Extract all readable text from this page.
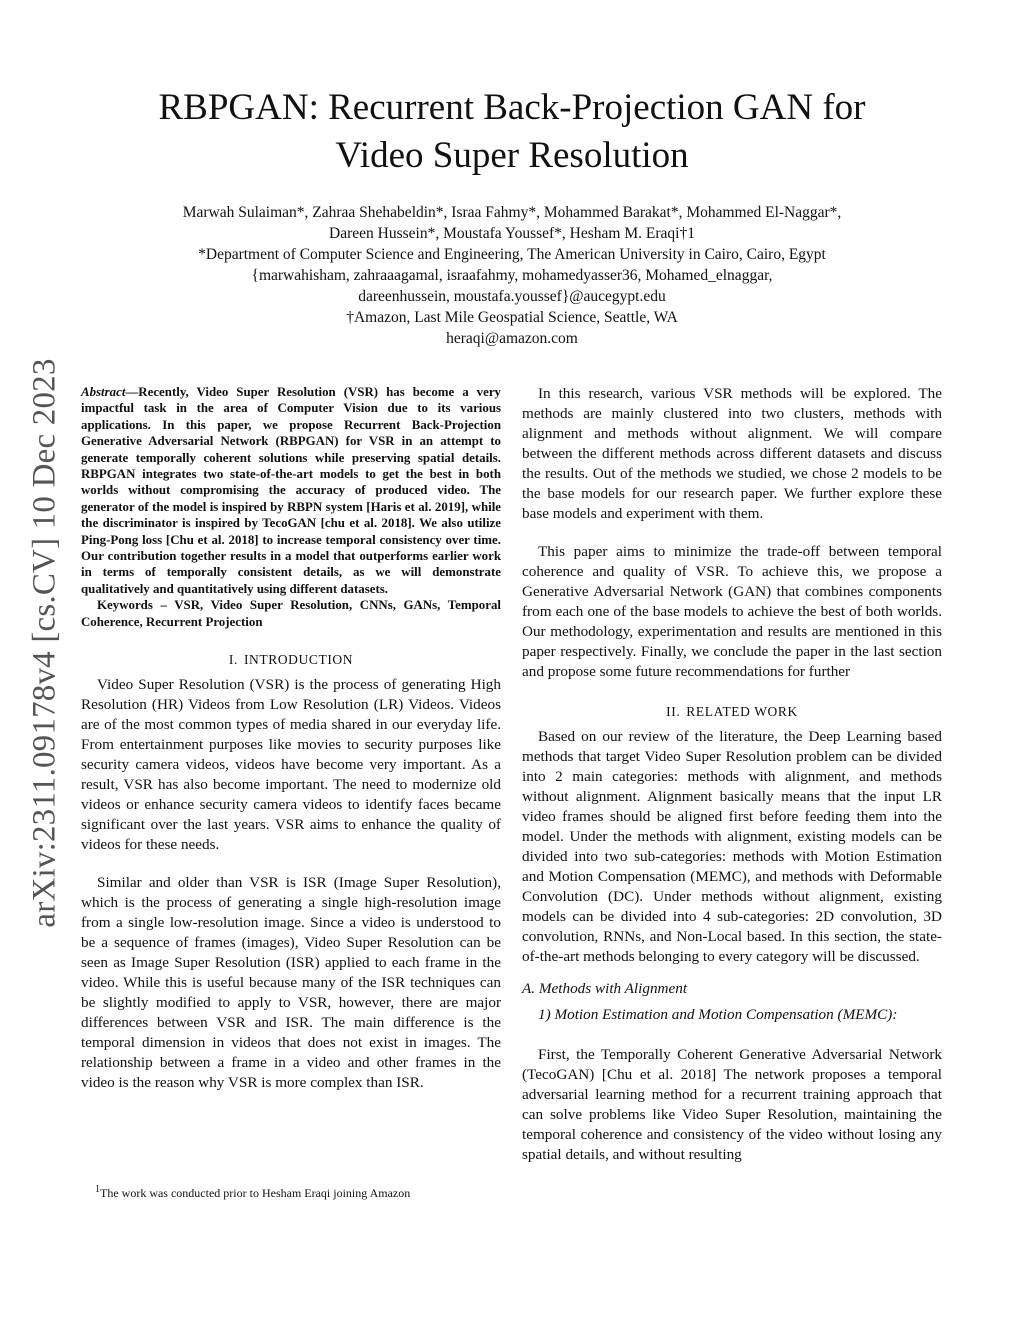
arXiv:2311.09178v4 [cs.CV] 10 Dec 2023
RBPGAN: Recurrent Back-Projection GAN for
Video Super Resolution
Marwah Sulaiman*, Zahraa Shehabeldin*, Israa Fahmy*, Mohammed Barakat*, Mohammed El-Naggar*,
Dareen Hussein*, Moustafa Youssef*, Hesham M. Eraqi†1
*Department of Computer Science and Engineering, The American University in Cairo, Cairo, Egypt
{marwahisham, zahraaagamal, israafahmy, mohamedyasser36, Mohamed_elnaggar,
dareenhussein, moustafa.youssef}@aucegypt.edu
†Amazon, Last Mile Geospatial Science, Seattle, WA
heraqi@amazon.com

Abstract—Recently, Video Super Resolution (VSR) has become a very impactful task in the area of Computer Vision due to its various applications. In this paper, we propose Recurrent Back-Projection Generative Adversarial Network (RBPGAN) for VSR in an attempt to generate temporally coherent solutions while preserving spatial details. RBPGAN integrates two state-of-the-art models to get the best in both worlds without compromising the accuracy of produced video. The generator of the model is inspired by RBPN system [Haris et al. 2019], while the discriminator is inspired by TecoGAN [chu et al. 2018]. We also utilize Ping-Pong loss [Chu et al. 2018] to increase temporal consistency over time. Our contribution together results in a model that outperforms earlier work in terms of temporally consistent details, as we will demonstrate qualitatively and quantitatively using different datasets.

Keywords – VSR, Video Super Resolution, CNNs, GANs, Temporal Coherence, Recurrent Projection

I. INTRODUCTION

Video Super Resolution (VSR) is the process of generating High Resolution (HR) Videos from Low Resolution (LR) Videos. Videos are of the most common types of media shared in our everyday life. From entertainment purposes like movies to security purposes like security camera videos, videos have become very important. As a result, VSR has also become important. The need to modernize old videos or enhance security camera videos to identify faces became significant over the last years. VSR aims to enhance the quality of videos for these needs.

Similar and older than VSR is ISR (Image Super Resolution), which is the process of generating a single high-resolution image from a single low-resolution image. Since a video is understood to be a sequence of frames (images), Video Super Resolution can be seen as Image Super Resolution (ISR) applied to each frame in the video. While this is useful because many of the ISR techniques can be slightly modified to apply to VSR, however, there are major differences between VSR and ISR. The main difference is the temporal dimension in videos that does not exist in images. The relationship between a frame in a video and other frames in the video is the reason why VSR is more complex than ISR.

In this research, various VSR methods will be explored. The methods are mainly clustered into two clusters, methods with alignment and methods without alignment. We will compare between the different methods across different datasets and discuss the results. Out of the methods we studied, we chose 2 models to be the base models for our research paper. We further explore these base models and experiment with them.

This paper aims to minimize the trade-off between temporal coherence and quality of VSR. To achieve this, we propose a Generative Adversarial Network (GAN) that combines components from each one of the base models to achieve the best of both worlds. Our methodology, experimentation and results are mentioned in this paper respectively. Finally, we conclude the paper in the last section and propose some future recommendations for further

II. RELATED WORK

Based on our review of the literature, the Deep Learning based methods that target Video Super Resolution problem can be divided into 2 main categories: methods with alignment, and methods without alignment. Alignment basically means that the input LR video frames should be aligned first before feeding them into the model. Under the methods with alignment, existing models can be divided into two sub-categories: methods with Motion Estimation and Motion Compensation (MEMC), and methods with Deformable Convolution (DC). Under methods without alignment, existing models can be divided into 4 sub-categories: 2D convolution, 3D convolution, RNNs, and Non-Local based. In this section, the state-of-the-art methods belonging to every category will be discussed.

A. Methods with Alignment
1) Motion Estimation and Motion Compensation (MEMC):

First, the Temporally Coherent Generative Adversarial Network (TecoGAN) [Chu et al. 2018] The network proposes a temporal adversarial learning method for a recurrent training approach that can solve problems like Video Super Resolution, maintaining the temporal coherence and consistency of the video without losing any spatial details, and without resulting

$^1$The work was conducted prior to Hesham Eraqi joining Amazon
